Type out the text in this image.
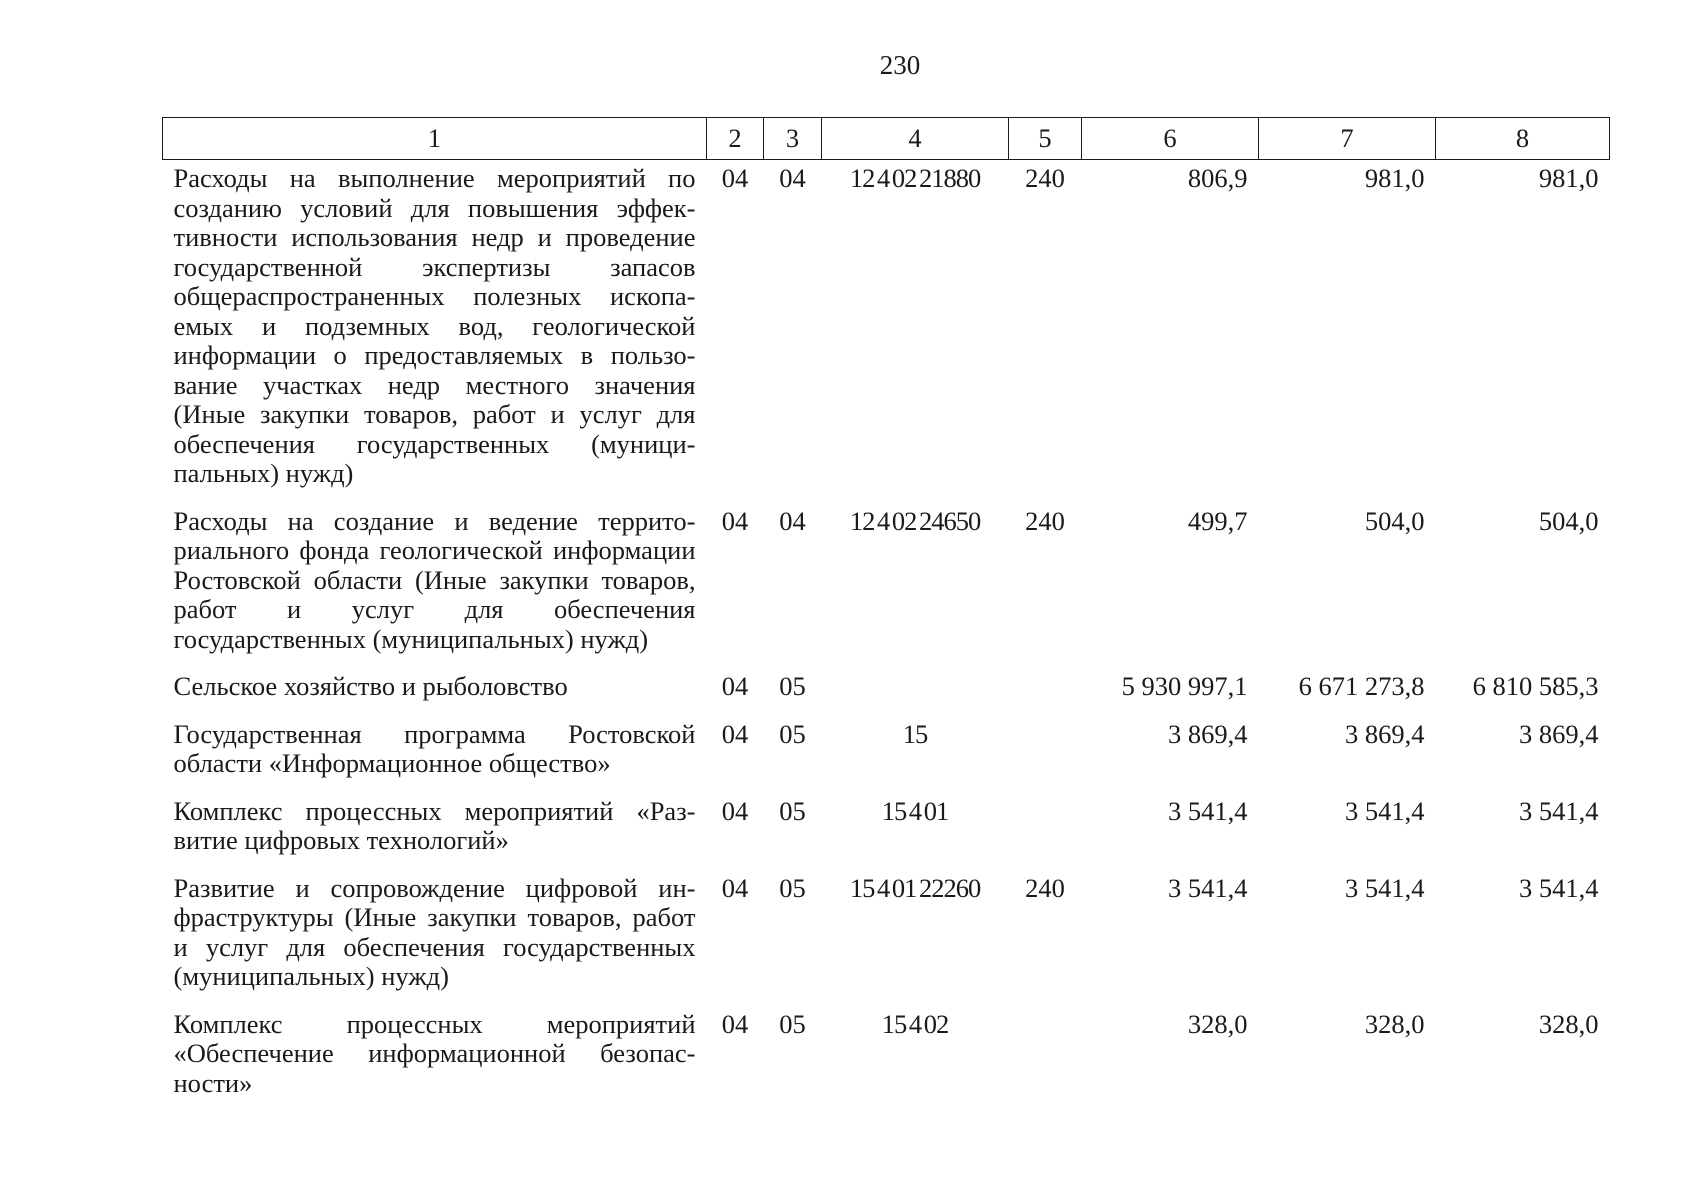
230
1	2	3	4	5	6	7	8
Расходы на выполнение мероприятий по созданию условий для повышения эффективности использования недр и проведение государственной экспертизы запасов общераспространенных полезных ископаемых и подземных вод, геологической информации о предоставляемых в пользование участках недр местного значения (Иные закупки товаров, работ и услуг для обеспечения государственных (муниципальных) нужд)	04	04	12 4 02 21880	240	806,9	981,0	981,0
Расходы на создание и ведение территориального фонда геологической информации Ростовской области (Иные закупки товаров, работ и услуг для обеспечения государственных (муниципальных) нужд)	04	04	12 4 02 24650	240	499,7	504,0	504,0
Сельское хозяйство и рыболовство	04	05			5 930 997,1	6 671 273,8	6 810 585,3
Государственная программа Ростовской области «Информационное общество»	04	05	15		3 869,4	3 869,4	3 869,4
Комплекс процессных мероприятий «Развитие цифровых технологий»	04	05	15 4 01		3 541,4	3 541,4	3 541,4
Развитие и сопровождение цифровой инфраструктуры (Иные закупки товаров, работ и услуг для обеспечения государственных (муниципальных) нужд)	04	05	15 4 01 22260	240	3 541,4	3 541,4	3 541,4
Комплекс процессных мероприятий «Обеспечение информационной безопасности»	04	05	15 4 02		328,0	328,0	328,0
